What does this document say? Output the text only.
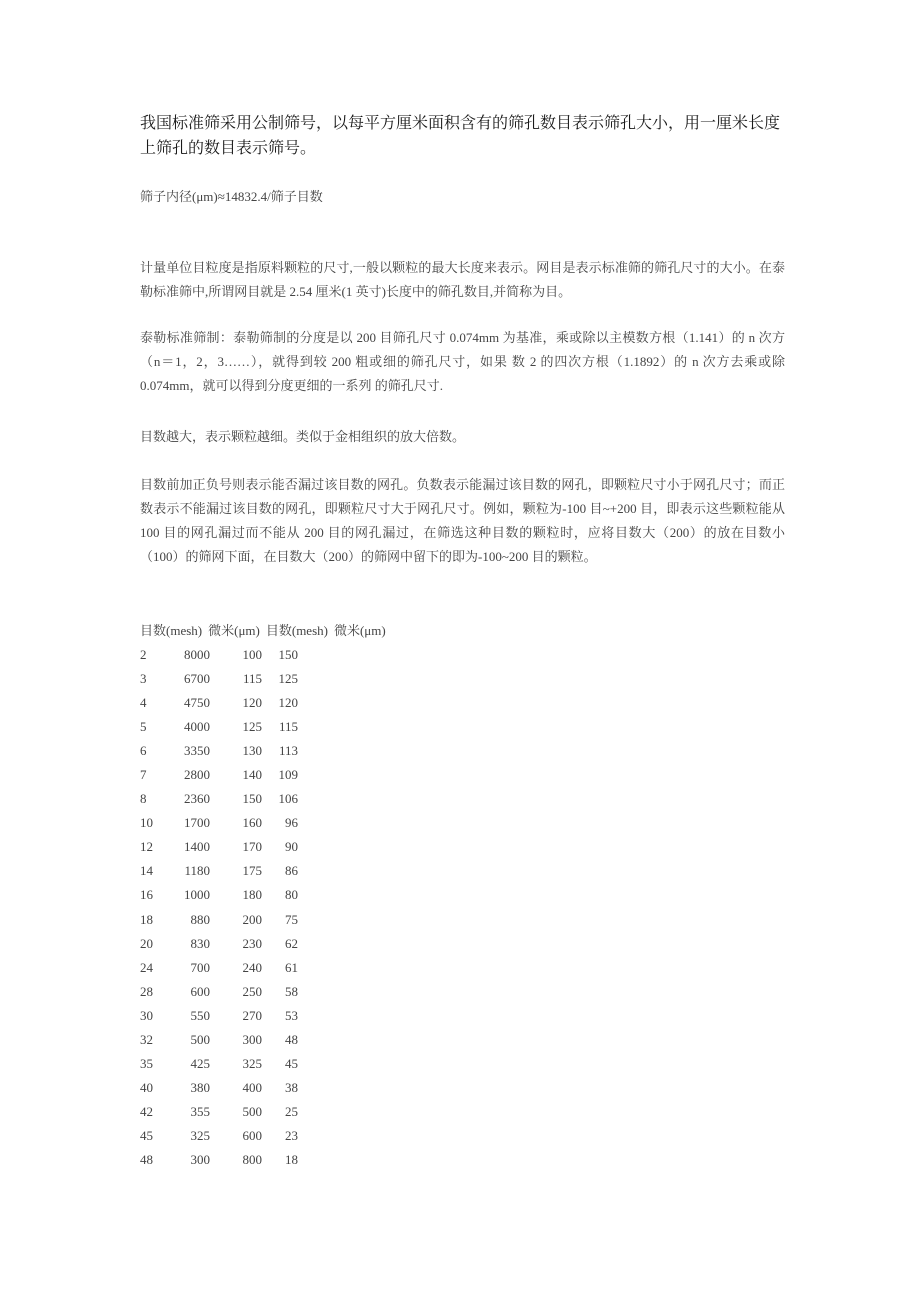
我国标准筛采用公制筛号，以每平方厘米面积含有的筛孔数目表示筛孔大小，用一厘米长度上筛孔的数目表示筛号。

筛子内径(μm)≈14832.4/筛子目数

计量单位目粒度是指原料颗粒的尺寸,一般以颗粒的最大长度来表示。网目是表示标准筛的筛孔尺寸的大小。在泰勒标准筛中,所谓网目就是 2.54 厘米(1 英寸)长度中的筛孔数目,并简称为目。

泰勒标准筛制：泰勒筛制的分度是以 200 目筛孔尺寸 0.074mm 为基准，乘或除以主模数方根（1.141）的 n 次方（n＝1，2，3……），就得到较 200 粗或细的筛孔尺寸，如果 数 2 的四次方根（1.1892）的 n 次方去乘或除 0.074mm，就可以得到分度更细的一系列 的筛孔尺寸.

目数越大，表示颗粒越细。类似于金相组织的放大倍数。

目数前加正负号则表示能否漏过该目数的网孔。负数表示能漏过该目数的网孔，即颗粒尺寸小于网孔尺寸；而正数表示不能漏过该目数的网孔，即颗粒尺寸大于网孔尺寸。例如，颗粒为-100 目~+200 目，即表示这些颗粒能从 100 目的网孔漏过而不能从 200 目的网孔漏过，在筛选这种目数的颗粒时，应将目数大（200）的放在目数小（100）的筛网下面，在目数大（200）的筛网中留下的即为-100~200 目的颗粒。

目数(mesh) 微米(μm) 目数(mesh) 微米(μm)
2	8000	100	150
3	6700	115	125
4	4750	120	120
5	4000	125	115
6	3350	130	113
7	2800	140	109
8	2360	150	106
10	1700	160	96
12	1400	170	90
14	1180	175	86
16	1000	180	80
18	880	200	75
20	830	230	62
24	700	240	61
28	600	250	58
30	550	270	53
32	500	300	48
35	425	325	45
40	380	400	38
42	355	500	25
45	325	600	23
48	300	800	18
